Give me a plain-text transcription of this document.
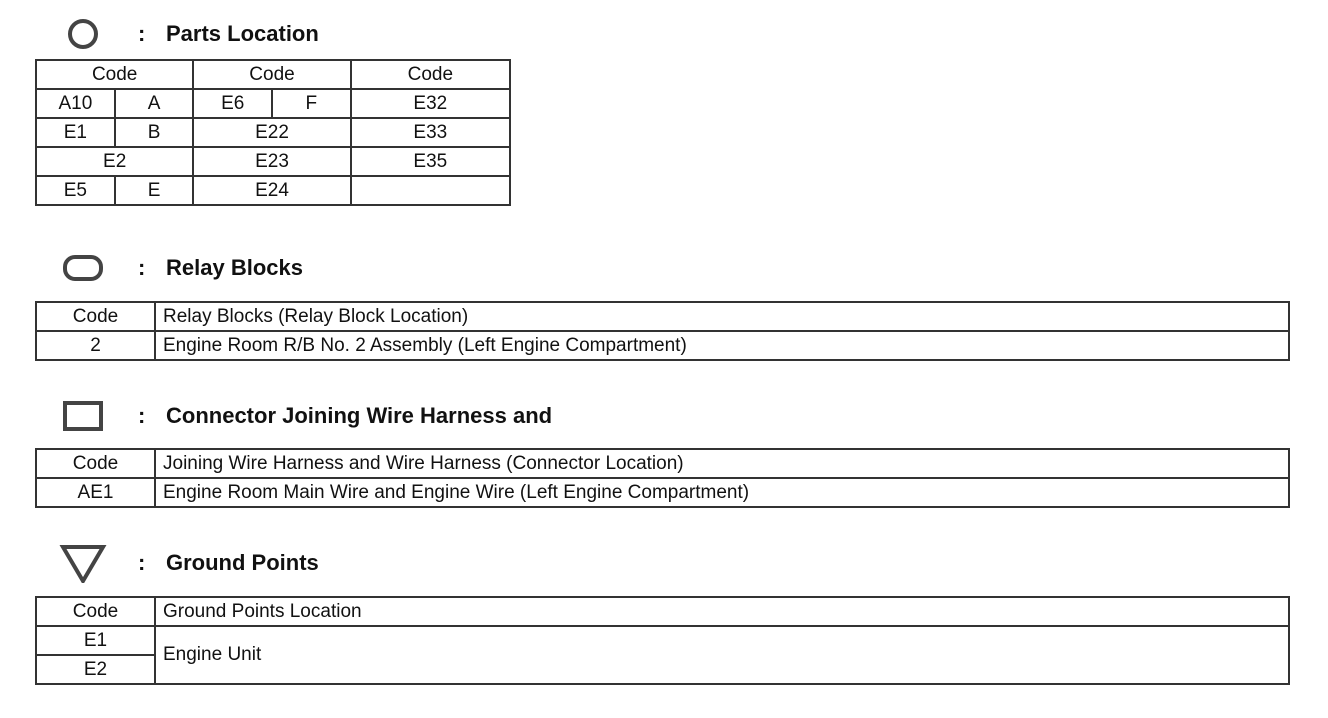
: Parts Location
Code		Code		Code
A10	A	E6	F	E32
E1	B	E22		E33
E2		E23		E35
E5	E	E24		
: Relay Blocks
Code	Relay Blocks (Relay Block Location)
2	Engine Room R/B No. 2 Assembly (Left Engine Compartment)
: Connector Joining Wire Harness and
Code	Joining Wire Harness and Wire Harness (Connector Location)
AE1	Engine Room Main Wire and Engine Wire (Left Engine Compartment)
: Ground Points
Code	Ground Points Location
E1	Engine Unit
E2	
